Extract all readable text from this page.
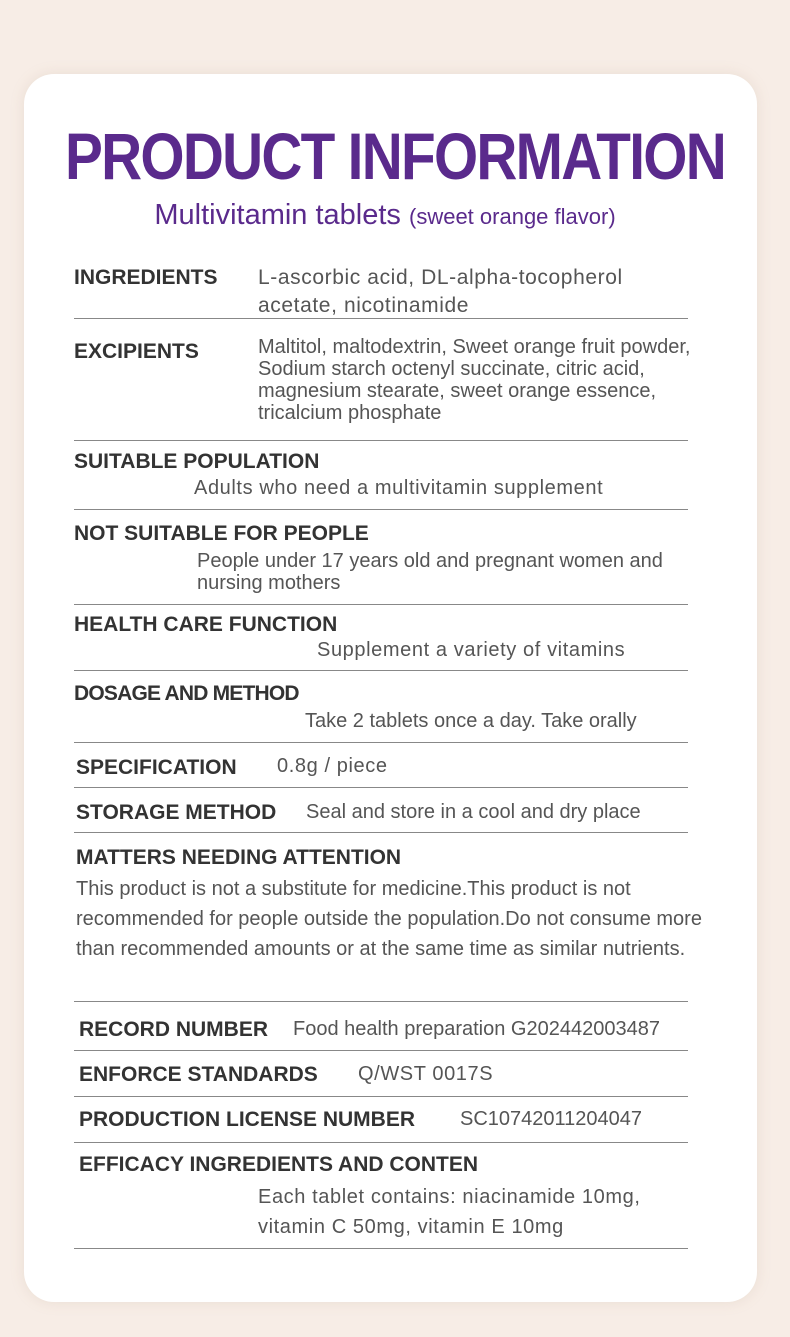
PRODUCT INFORMATION
Multivitamin tablets (sweet orange flavor)
INGREDIENTS L-ascorbic acid, DL-alpha-tocopherol acetate, nicotinamide
EXCIPIENTS	Maltitol, maltodextrin, Sweet orange fruit powder, Sodium starch octenyl succinate, citric acid, magnesium stearate, sweet orange essence, tricalcium phosphate
SUITABLE POPULATION
Adults who need a multivitamin supplement
NOT SUITABLE FOR PEOPLE
People under 17 years old and pregnant women and nursing mothers
HEALTH CARE FUNCTION
Supplement a variety of vitamins
DOSAGE AND METHOD
Take 2 tablets once a day. Take orally
SPECIFICATION 0.8g / piece
STORAGE METHOD Seal and store in a cool and dry place
MATTERS NEEDING ATTENTION
This product is not a substitute for medicine.This product is not recommended for people outside the population.Do not consume more than recommended amounts or at the same time as similar nutrients.
RECORD NUMBER Food health preparation G202442003487
ENFORCE STANDARDS Q/WST 0017S
PRODUCTION LICENSE NUMBER SC10742011204047
EFFICACY INGREDIENTS AND CONTEN
Each tablet contains: niacinamide 10mg, vitamin C 50mg, vitamin E 10mg
